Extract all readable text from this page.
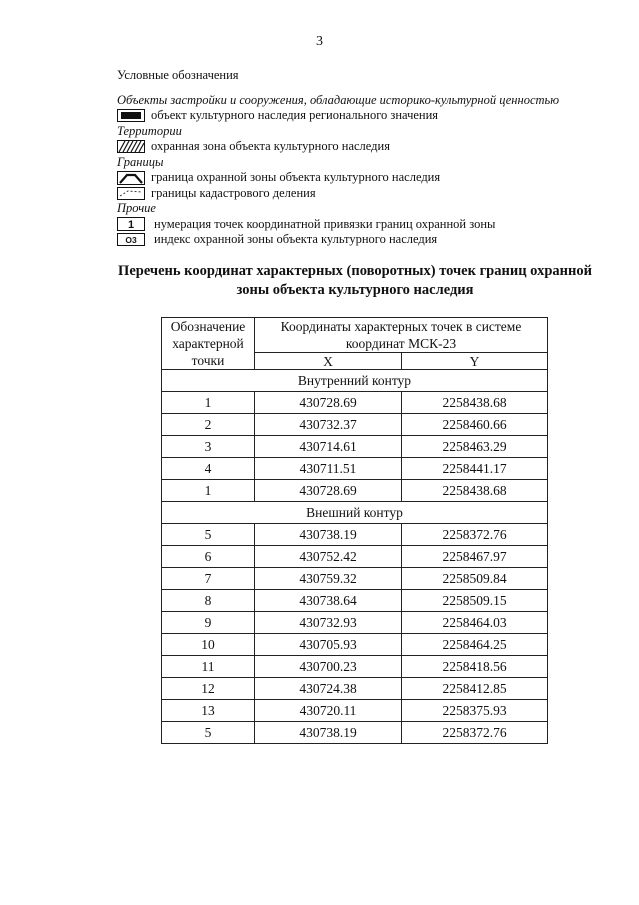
3
Условные обозначения
Объекты застройки и сооружения, обладающие историко-культурной ценностью
объект культурного наследия регионального значения
Территории
охранная зона объекта культурного наследия
Границы
граница охранной зоны объекта культурного наследия
границы кадастрового деления
Прочие
1 нумерация точек координатной привязки границ охранной зоны
О3 индекс охранной зоны объекта культурного наследия
Перечень координат характерных (поворотных) точек границ охранной
зоны объекта культурного наследия
Обозначение характерной точки	Координаты характерных точек в системе координат МСК-23	
	X	Y
Внутренний контур		
1	430728.69	2258438.68
2	430732.37	2258460.66
3	430714.61	2258463.29
4	430711.51	2258441.17
1	430728.69	2258438.68
Внешний контур		
5	430738.19	2258372.76
6	430752.42	2258467.97
7	430759.32	2258509.84
8	430738.64	2258509.15
9	430732.93	2258464.03
10	430705.93	2258464.25
11	430700.23	2258418.56
12	430724.38	2258412.85
13	430720.11	2258375.93
5	430738.19	2258372.76
